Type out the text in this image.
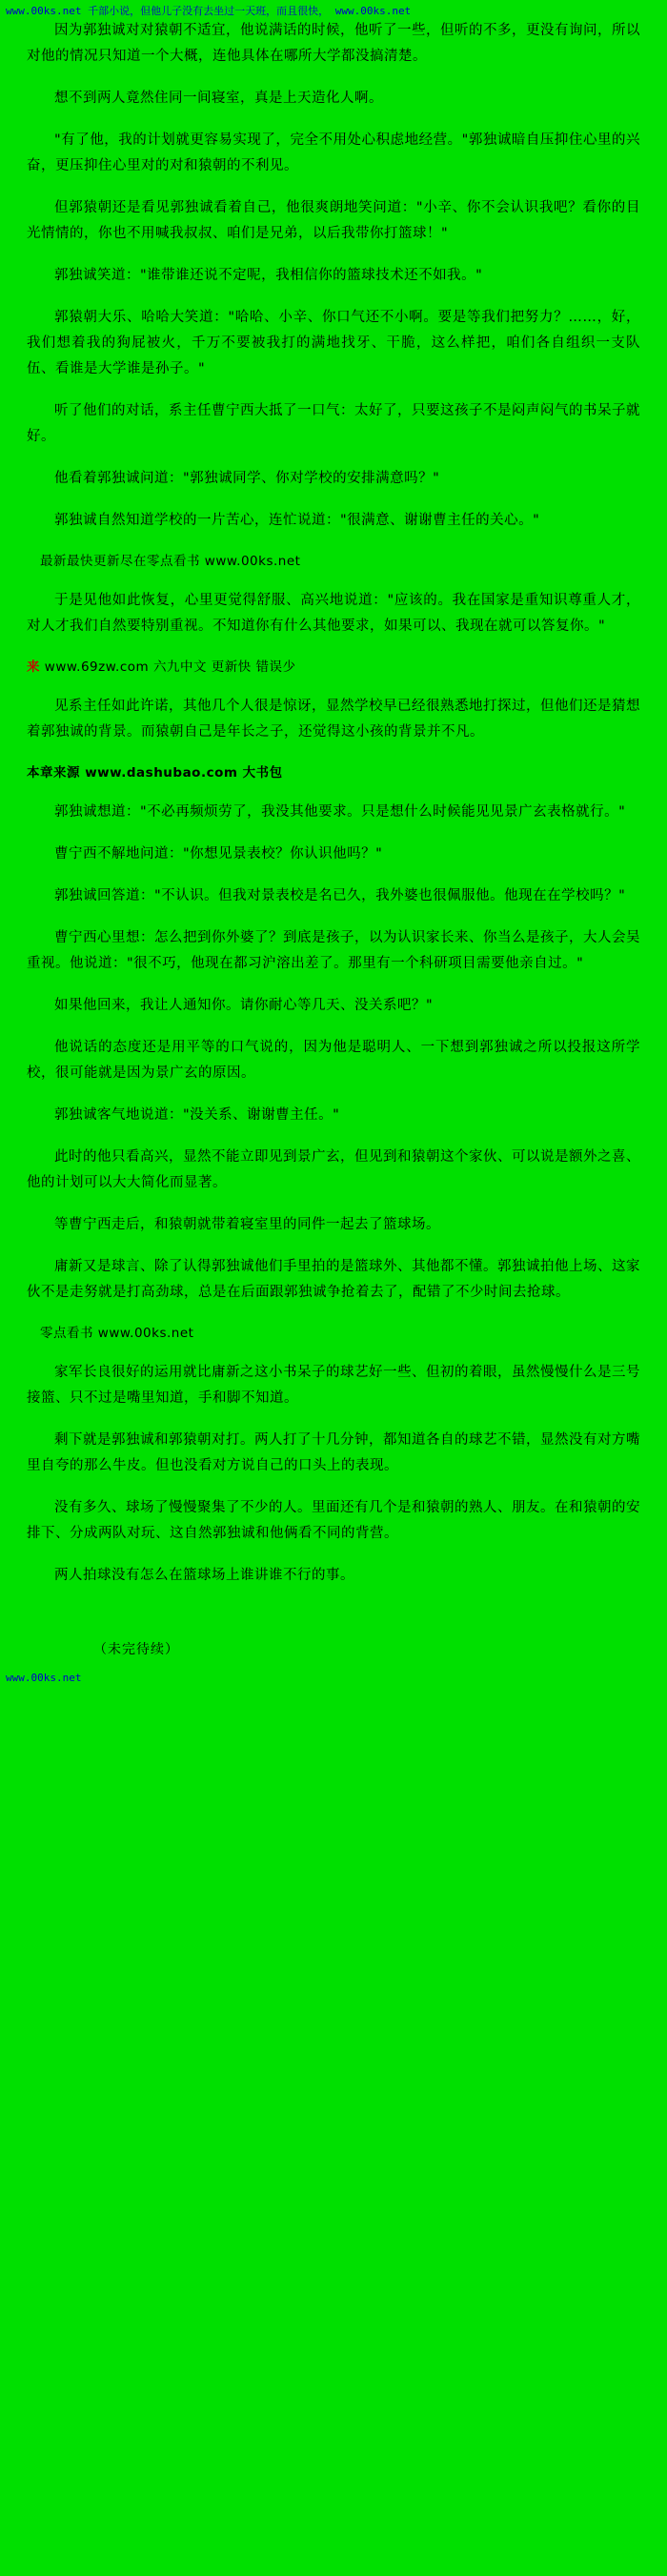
www.00ks.net 千部小说，但他儿子没有去坐过一天班，而且很快， www.00ks.net

因为郭独诚对对猿朝不适宜，他说满话的时候，他听了一些，但听的不多，更没有询问，所以对他的情况只知道一个大概，连他具体在哪所大学都没搞清楚。

想不到两人竟然住同一间寝室，真是上天造化人啊。

"有了他，我的计划就更容易实现了，完全不用处心积虑地经营。"郭独诚暗自压抑住心里的兴奋，更压抑住心里对的对和猿朝的不利见。

但郭猿朝还是看见郭独诚看着自己，他很爽朗地笑问道："小辛、你不会认识我吧？看你的目光情情的，你也不用喊我叔叔、咱们是兄弟，以后我带你打篮球！"

郭独诚笑道："谁带谁还说不定呢，我相信你的篮球技术还不如我。"

郭猿朝大乐、哈哈大笑道："哈哈、小辛、你口气还不小啊。要是等我们把努力？……，好，我们想着我的狗屁被火，千万不要被我打的满地找牙、干脆，这么样把，咱们各自组织一支队伍、看谁是大学谁是孙子。"

听了他们的对话，系主任曹宁西大抵了一口气：太好了，只要这孩子不是闷声闷气的书呆子就好。

他看着郭独诚问道："郭独诚同学、你对学校的安排满意吗？"

郭独诚自然知道学校的一片苦心，连忙说道："很满意、谢谢曹主任的关心。"

最新最快更新尽在零点看书 www.00ks.net

于是见他如此恢复，心里更觉得舒服、高兴地说道："应该的。我在国家是重知识尊重人才，对人才我们自然要特别重视。不知道你有什么其他要求，如果可以、我现在就可以答复你。"

来 www.69zw.com 六九中文 更新快 错误少

见系主任如此许诺，其他几个人很是惊讶，显然学校早已经很熟悉地打探过，但他们还是猜想着郭独诚的背景。而猿朝自己是年长之子，还觉得这小孩的背景并不凡。

本章来源 www.dashubao.com 大书包

郭独诚想道："不必再频烦劳了，我没其他要求。只是想什么时候能见见景广玄表格就行。"

曹宁西不解地问道："你想见景表校？你认识他吗？"

郭独诚回答道："不认识。但我对景表校是名已久，我外婆也很佩服他。他现在在学校吗？"

曹宁西心里想：怎么把到你外婆了？到底是孩子，以为认识家长来、你当么是孩子，大人会吴重视。他说道："很不巧，他现在都习沪溶出差了。那里有一个科研项目需要他亲自过。"

如果他回来，我让人通知你。请你耐心等几天、没关系吧？"

他说话的态度还是用平等的口气说的，因为他是聪明人、一下想到郭独诚之所以投报这所学校，很可能就是因为景广玄的原因。

郭独诚客气地说道："没关系、谢谢曹主任。"

此时的他只看高兴，显然不能立即见到景广玄，但见到和猿朝这个家伙、可以说是额外之喜、他的计划可以大大简化而显著。

等曹宁西走后，和猿朝就带着寝室里的同件一起去了篮球场。

庸新又是球言、除了认得郭独诚他们手里拍的是篮球外、其他都不懂。郭独诚拍他上场、这家伙不是走努就是打高劲球，总是在后面跟郭独诚争抢着去了，配错了不少时间去抢球。

零点看书 www.00ks.net

家军长良很好的运用就比庸新之这小书呆子的球艺好一些、但初的着眼，虽然慢慢什么是三号接篮、只不过是嘴里知道，手和脚不知道。

剩下就是郭独诚和郭猿朝对打。两人打了十几分钟，都知道各自的球艺不错，显然没有对方嘴里自夸的那么牛皮。但也没看对方说自己的口头上的表现。

没有多久、球场了慢慢聚集了不少的人。里面还有几个是和猿朝的熟人、朋友。在和猿朝的安排下、分成两队对玩、这自然郭独诚和他俩看不同的背营。

两人拍球没有怎么在篮球场上谁讲谁不行的事。

（未完待续）
www.00ks.net
